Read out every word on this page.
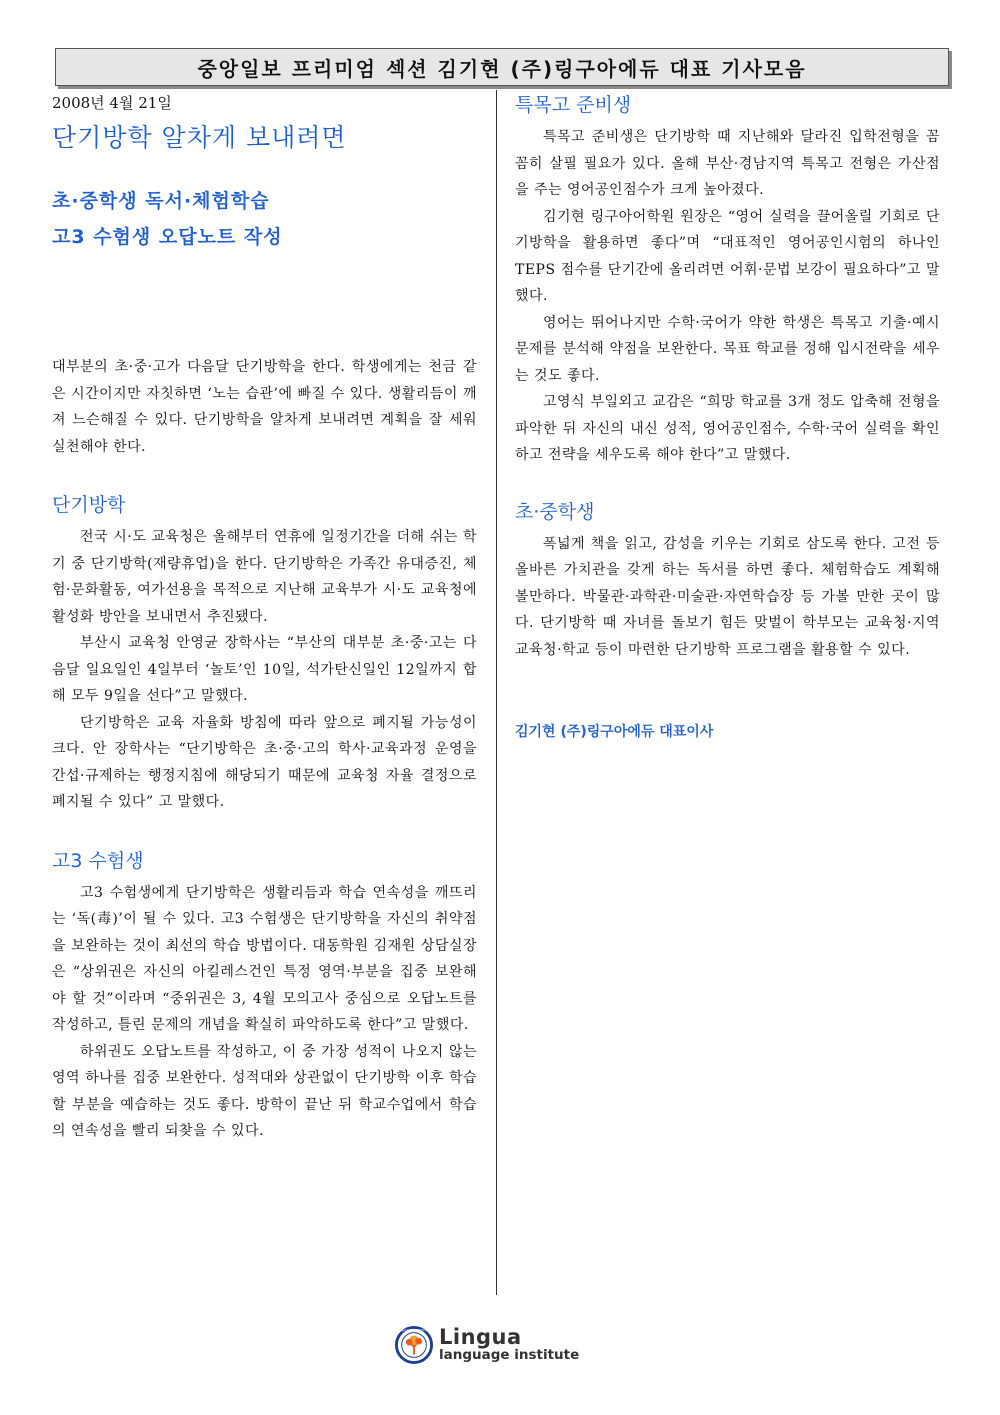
중앙일보 프리미엄 섹션 김기현 (주)링구아에듀 대표 기사모음
2008년 4월 21일
단기방학 알차게 보내려면
초·중학생 독서·체험학습
고3 수험생 오답노트 작성

대부분의 초·중·고가 다음달 단기방학을 한다. 학생에게는 천금 같은 시간이지만 자칫하면 ‘노는 습관’에 빠질 수 있다. 생활리듬이 깨져 느슨해질 수 있다. 단기방학을 알차게 보내려면 계획을 잘 세워 실천해야 한다.

단기방학

전국 시·도 교육청은 올해부터 연휴에 일정기간을 더해 쉬는 학기 중 단기방학(재량휴업)을 한다. 단기방학은 가족간 유대증진, 체험·문화활동, 여가선용을 목적으로 지난해 교육부가 시·도 교육청에 활성화 방안을 보내면서 추진됐다.

부산시 교육청 안영균 장학사는 “부산의 대부분 초·중·고는 다음달 일요일인 4일부터 ‘놀토’인 10일, 석가탄신일인 12일까지 합해 모두 9일을 선다”고 말했다.

단기방학은 교육 자율화 방침에 따라 앞으로 폐지될 가능성이 크다. 안 장학사는 “단기방학은 초·중·고의 학사·교육과정 운영을 간섭·규제하는 행정지침에 해당되기 때문에 교육청 자율 결정으로 폐지될 수 있다” 고 말했다.

고3 수험생

고3 수험생에게 단기방학은 생활리듬과 학습 연속성을 깨뜨리는 ‘독(毒)’이 될 수 있다. 고3 수험생은 단기방학을 자신의 취약점을 보완하는 것이 최선의 학습 방법이다. 대동학원 김재원 상담실장은 “상위권은 자신의 아킬레스건인 특정 영역·부분을 집중 보완해야 할 것”이라며 “중위권은 3, 4월 모의고사 중심으로 오답노트를 작성하고, 틀린 문제의 개념을 확실히 파악하도록 한다”고 말했다.

하위권도 오답노트를 작성하고, 이 중 가장 성적이 나오지 않는 영역 하나를 집중 보완한다. 성적대와 상관없이 단기방학 이후 학습할 부분을 예습하는 것도 좋다. 방학이 끝난 뒤 학교수업에서 학습의 연속성을 빨리 되찾을 수 있다.

특목고 준비생

특목고 준비생은 단기방학 때 지난해와 달라진 입학전형을 꼼꼼히 살필 필요가 있다. 올해 부산·경남지역 특목고 전형은 가산점을 주는 영어공인점수가 크게 높아졌다.

김기현 링구아어학원 원장은 “영어 실력을 끌어올릴 기회로 단기방학을 활용하면 좋다”며 “대표적인 영어공인시험의 하나인 TEPS 점수를 단기간에 올리려면 어휘·문법 보강이 필요하다”고 말했다.

영어는 뛰어나지만 수학·국어가 약한 학생은 특목고 기출·예시문제를 분석해 약점을 보완한다. 목표 학교를 정해 입시전략을 세우는 것도 좋다.

고영식 부일외고 교감은 “희망 학교를 3개 정도 압축해 전형을 파악한 뒤 자신의 내신 성적, 영어공인점수, 수학·국어 실력을 확인하고 전략을 세우도록 해야 한다”고 말했다.

초·중학생

폭넓게 책을 읽고, 감성을 키우는 기회로 삼도록 한다. 고전 등 올바른 가치관을 갖게 하는 독서를 하면 좋다. 체험학습도 계획해 볼만하다. 박물관·과학관·미술관·자연학습장 등 가볼 만한 곳이 많다. 단기방학 때 자녀를 돌보기 힘든 맞벌이 학부모는 교육청·지역교육청·학교 등이 마련한 단기방학 프로그램을 활용할 수 있다.

김기현 (주)링구아에듀 대표이사
LANGUAGE INSTITUTE Lingua
language institute
